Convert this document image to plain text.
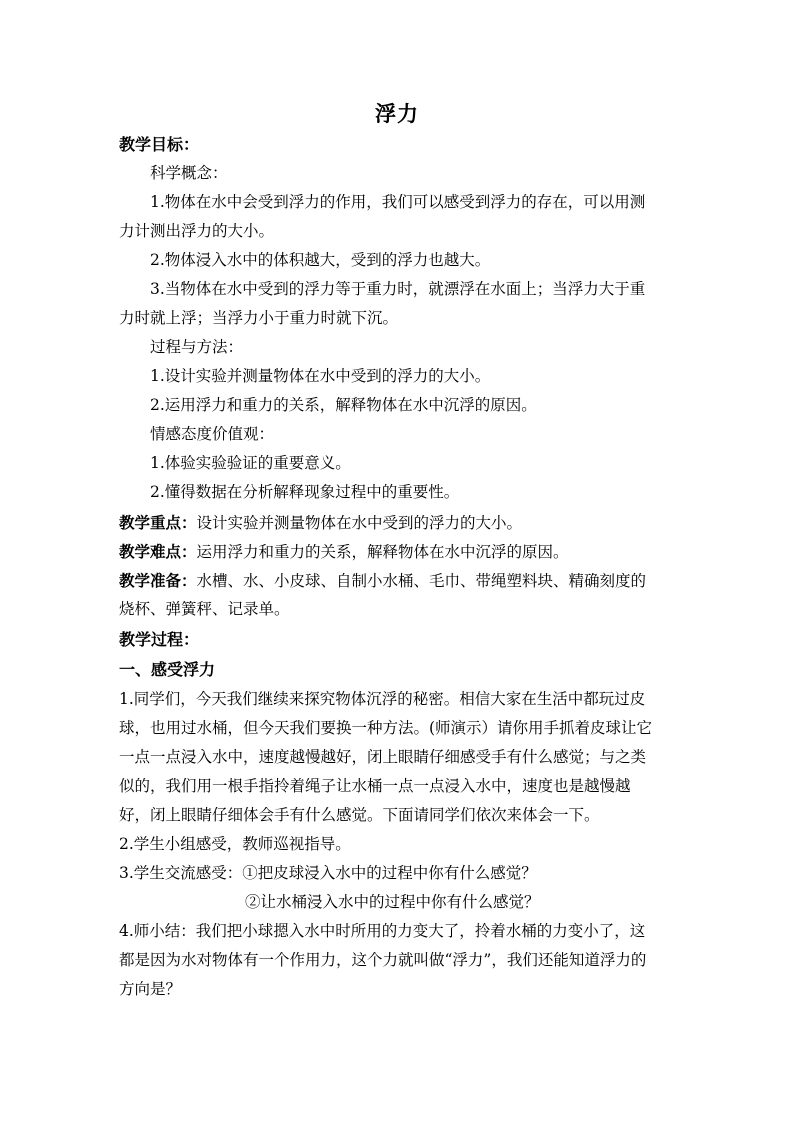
浮力
教学目标：
科学概念：
1.物体在水中会受到浮力的作用，我们可以感受到浮力的存在，可以用测
力计测出浮力的大小。
2.物体浸入水中的体积越大，受到的浮力也越大。
3.当物体在水中受到的浮力等于重力时，就漂浮在水面上；当浮力大于重
力时就上浮；当浮力小于重力时就下沉。
过程与方法：
1.设计实验并测量物体在水中受到的浮力的大小。
2.运用浮力和重力的关系，解释物体在水中沉浮的原因。
情感态度价值观：
1.体验实验验证的重要意义。
2.懂得数据在分析解释现象过程中的重要性。
教学重点：设计实验并测量物体在水中受到的浮力的大小。
教学难点：运用浮力和重力的关系，解释物体在水中沉浮的原因。
教学准备：水槽、水、小皮球、自制小水桶、毛巾、带绳塑料块、精确刻度的
烧杯、弹簧秤、记录单。
教学过程：
一、感受浮力
1.同学们，今天我们继续来探究物体沉浮的秘密。相信大家在生活中都玩过皮
球，也用过水桶，但今天我们要换一种方法。(师演示）请你用手抓着皮球让它
一点一点浸入水中，速度越慢越好，闭上眼睛仔细感受手有什么感觉；与之类
似的，我们用一根手指拎着绳子让水桶一点一点浸入水中，速度也是越慢越
好，闭上眼睛仔细体会手有什么感觉。下面请同学们依次来体会一下。
2.学生小组感受，教师巡视指导。
3.学生交流感受：①把皮球浸入水中的过程中你有什么感觉？
②让水桶浸入水中的过程中你有什么感觉？
4.师小结：我们把小球摁入水中时所用的力变大了，拎着水桶的力变小了，这
都是因为水对物体有一个作用力，这个力就叫做“浮力”，我们还能知道浮力的
方向是？
